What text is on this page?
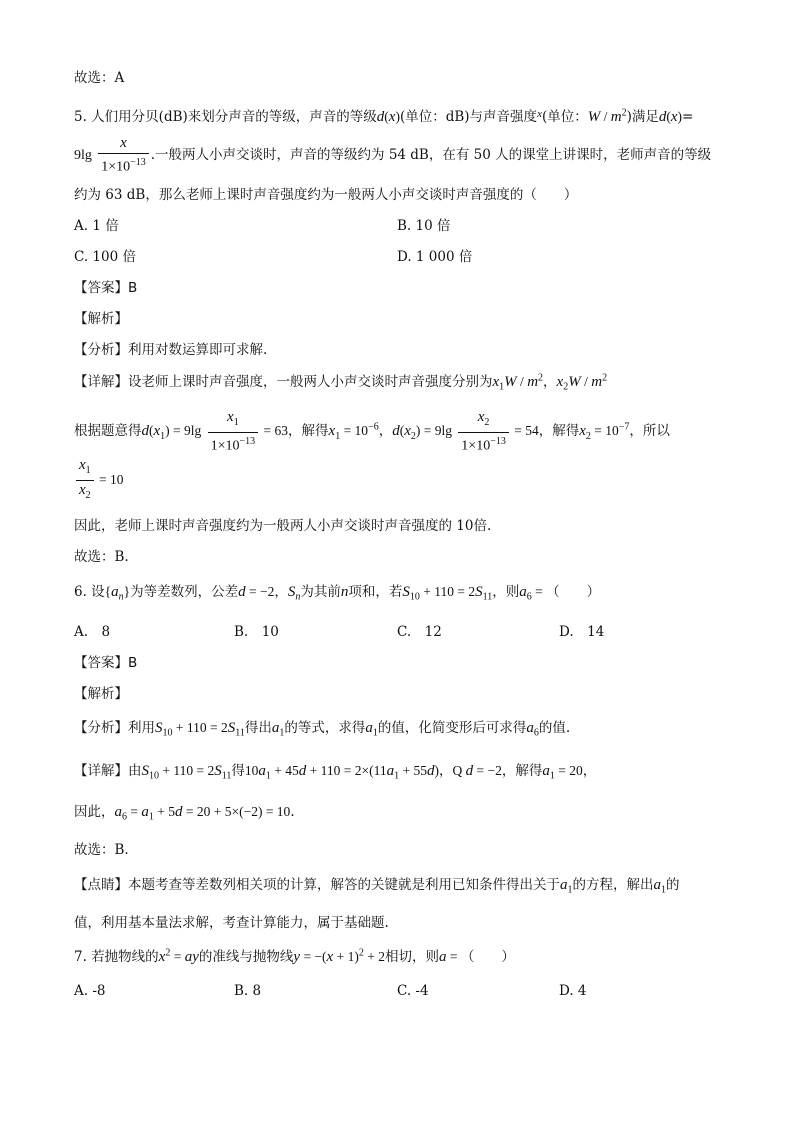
故选：A
5. 人们用分贝(dB)来划分声音的等级，声音的等级d(x)(单位：dB)与声音强度$^x$(单位：W / $m^2$)满足d(x)=
$9\lg \frac{x}{1\times 10^{-13}}$ .一般两人小声交谈时，声音的等级约为 54 dB，在有 50 人的课堂上讲课时，老师声音的等级
约为 63 dB，那么老师上课时声音强度约为一般两人小声交谈时声音强度的（　　）
A. 1 倍	B. 10 倍
C. 100 倍	D. 1 000 倍
【答案】B
【解析】
【分析】利用对数运算即可求解.
【详解】设老师上课时声音强度，一般两人小声交谈时声音强度分别为$x_1W / m^2$，$x_2W / m^2$
根据题意得$d(x_1) = 9\lg \frac{x_1}{1\times 10^{-13}} = 63$，解得$x_1 = 10^{-6}$，$d(x_2) = 9\lg \frac{x_2}{1\times 10^{-13}} = 54$，解得$x_2 = 10^{-7}$，所以
$\frac{x_1}{x_2} = 10$
因此，老师上课时声音强度约为一般两人小声交谈时声音强度的 10倍.
故选：B.
6. 设$\{a_n\}$为等差数列，公差d = −2，$S_n$为其前n项和，若$S_{10} + 110 = 2S_{11}$，则$a_6$ = （　　）
A.　8	B.　10	C.　12	D.　14
【答案】B
【解析】
【分析】利用$S_{10} + 110 = 2S_{11}$得出$a_1$的等式，求得$a_1$的值，化简变形后可求得$a_6$的值.
【详解】由$S_{10} + 110 = 2S_{11}$得$10a_1 + 45d + 110 = 2\times(11a_1 + 55d)$，Q d = −2，解得$a_1 = 20$，
因此，$a_6 = a_1 + 5d = 20 + 5\times(-2) = 10$.
故选：B.
【点睛】本题考查等差数列相关项的计算，解答的关键就是利用已知条件得出关于$a_1$的方程，解出$a_1$的
值，利用基本量法求解，考查计算能力，属于基础题.
7. 若抛物线的$x^2$ = ay的准线与抛物线$y = -(x + 1)^2 + 2$相切，则a = （　　）
A. -8	B. 8	C. -4	D. 4
